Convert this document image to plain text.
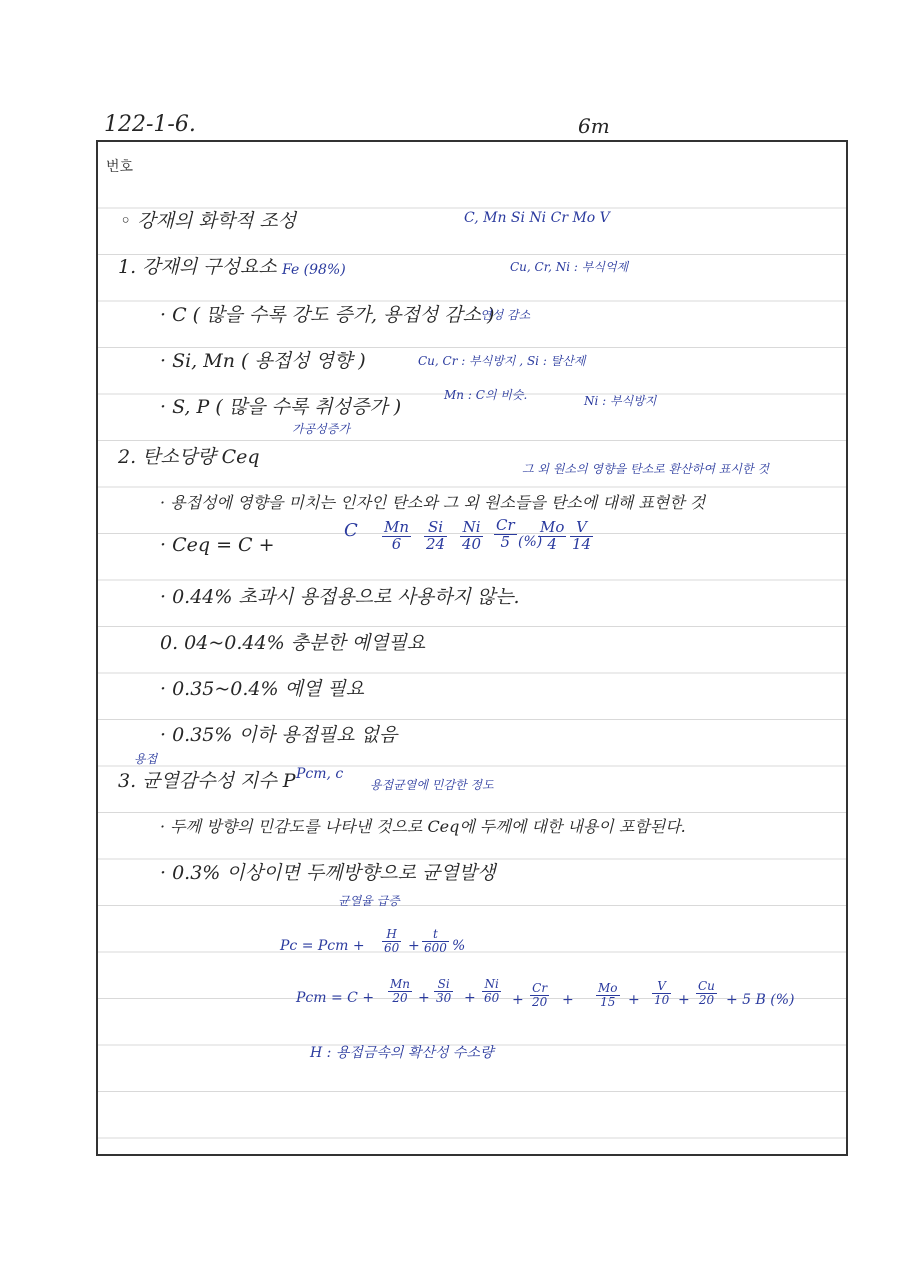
122-1-6.	6m
번호
◦ 강재의 화학적 조성	C, Mn Si Ni Cr Mo V
1. 강재의 구성요소 Fe (98%)	Cu, Cr, Ni : 부식억제
· C ( 많을 수록 강도 증가, 용접성 감소 )
연성 감소
· Si, Mn ( 용접성 영향 )	Cu, Cr : 부식방지 , Si : 탈산제
Mn : C의 비슷.	Ni : 부식방지
· S, P ( 많을 수록 취성증가 )
가공성증가
2. 탄소당량 Ceq
그 외 원소의 영향을 탄소로 환산하여 표시한 것
· 용접성에 영향을 미치는 인자인 탄소와 그 외 원소들을 탄소에 대해 표현한 것
· Ceq = C +
C $\frac{Mn}{6} \frac{Si}{24} \frac{Ni}{40} \frac{Cr}{5}$ (%)
$\frac{Mo}{4} \frac{V}{14}$
· 0.44% 초과시 용접용으로 사용하지 않는.
0. 04~0.44% 충분한 예열필요
· 0.35~0.4% 예열 필요
· 0.35% 이하 용접필요 없음
용접
3. 균열감수성 지수 P Pcm, c
용접균열에 민감한 정도
· 두께 방향의 민감도를 나타낸 것으로 Ceq에 두께에 대한 내용이 포함된다.
· 0.3% 이상이면 두께방향으로 균열발생
균열율 급증
Pc = Pcm + $\frac{H}{60} + \frac{t}{600}$ %
Pcm = $C + \frac{Mn}{20} + \frac{Si}{30} + \frac{Ni}{60} + \frac{Cr}{20} + \frac{Mo}{15} + \frac{V}{10} + \frac{Cu}{20} + 5$ B (%)
H : 용접금속의 확산성 수소량
